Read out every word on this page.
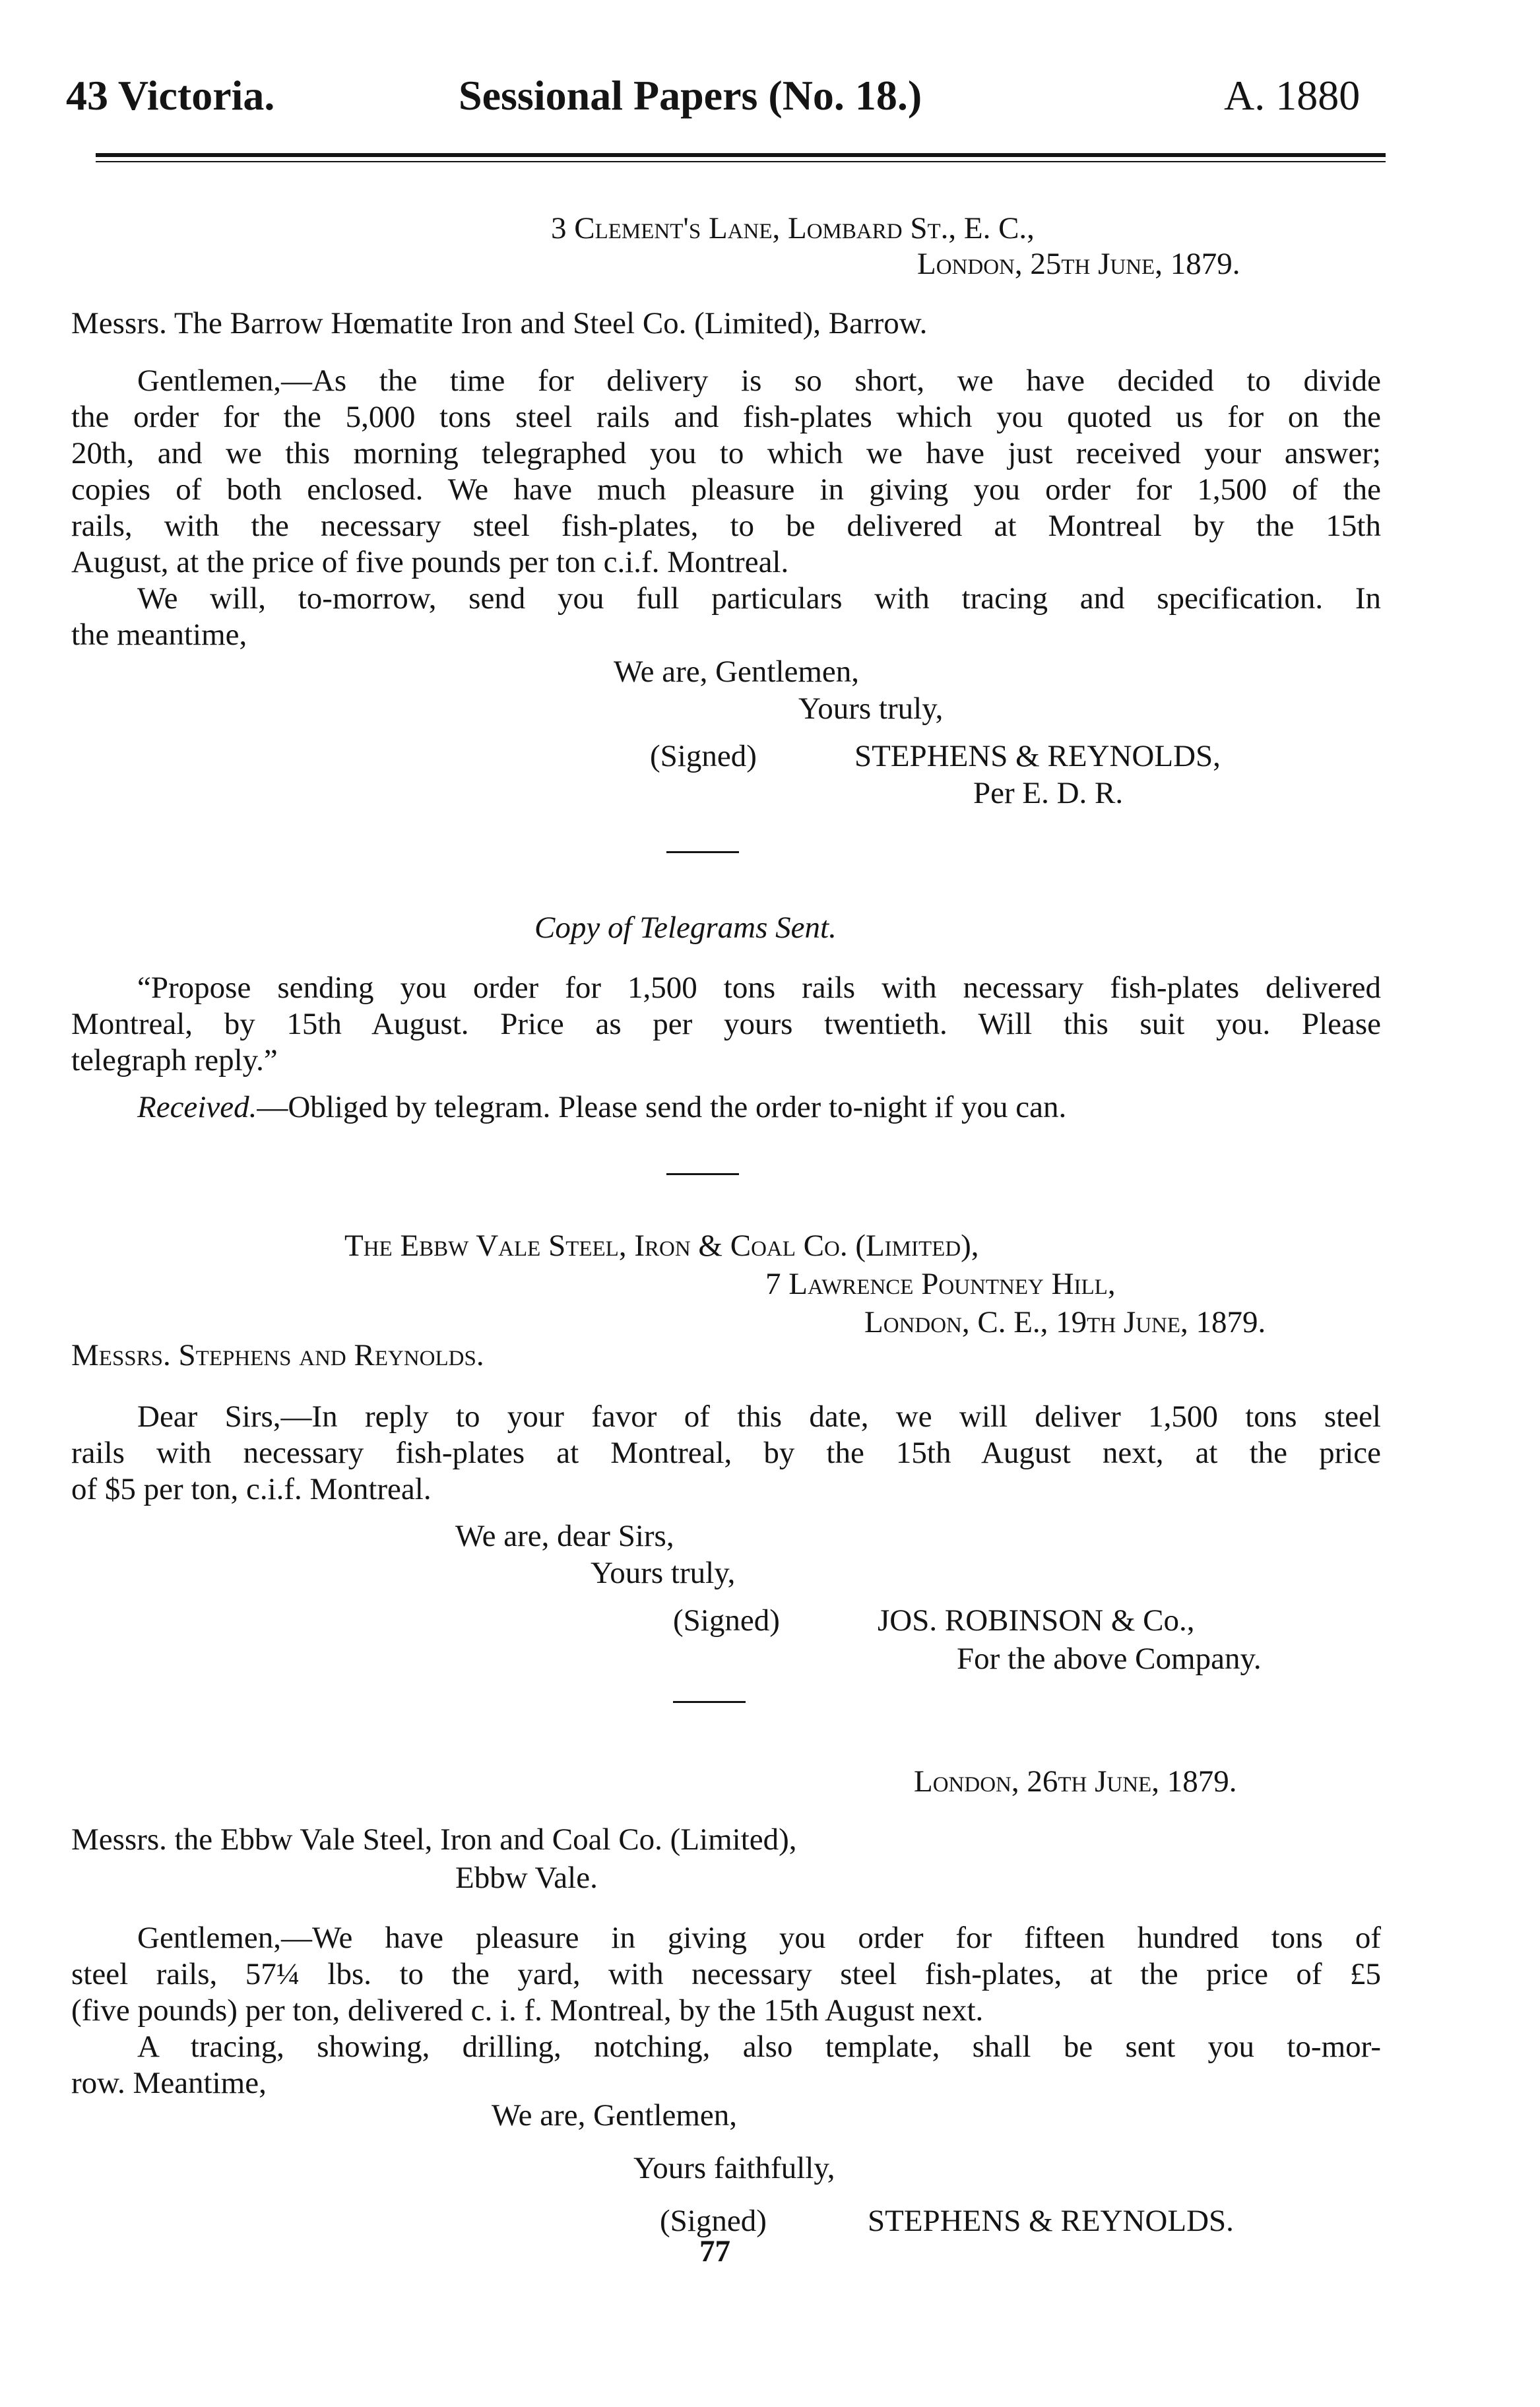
43 Victoria.	Sessional Papers (No. 18.)	A. 1880
3 Clement's Lane, Lombard St., E. C.,
London, 25th June, 1879.
Messrs. The Barrow Hœmatite Iron and Steel Co. (Limited), Barrow.
Gentlemen,—As the time for delivery is so short, we have decided to divide
the order for the 5,000 tons steel rails and fish-plates which you quoted us for on the
20th, and we this morning telegraphed you to which we have just received your answer;
copies of both enclosed. We have much pleasure in giving you order for 1,500 of the
rails, with the necessary steel fish-plates, to be delivered at Montreal by the 15th
August, at the price of five pounds per ton c.i.f. Montreal.
We will, to-morrow, send you full particulars with tracing and specification. In
the meantime,
We are, Gentlemen,
Yours truly,
(Signed)	STEPHENS & REYNOLDS,
Per E. D. R.
Copy of Telegrams Sent.
“Propose sending you order for 1,500 tons rails with necessary fish-plates delivered
Montreal, by 15th August. Price as per yours twentieth. Will this suit you. Please
telegraph reply.”
Received.—Obliged by telegram. Please send the order to-night if you can.
The Ebbw Vale Steel, Iron & Coal Co. (Limited),
7 Lawrence Pountney Hill,
London, C. E., 19th June, 1879.
Messrs. Stephens and Reynolds.
Dear Sirs,—In reply to your favor of this date, we will deliver 1,500 tons steel
rails with necessary fish-plates at Montreal, by the 15th August next, at the price
of $5 per ton, c.i.f. Montreal.
We are, dear Sirs,
Yours truly,
(Signed)	JOS. ROBINSON & Co.,
For the above Company.
London, 26th June, 1879.
Messrs. the Ebbw Vale Steel, Iron and Coal Co. (Limited),
Ebbw Vale.
Gentlemen,—We have pleasure in giving you order for fifteen hundred tons of
steel rails, 57¼ lbs. to the yard, with necessary steel fish-plates, at the price of £5
(five pounds) per ton, delivered c. i. f. Montreal, by the 15th August next.
A tracing, showing, drilling, notching, also template, shall be sent you to-mor-
row. Meantime,
We are, Gentlemen,
Yours faithfully,
(Signed)	STEPHENS & REYNOLDS.
77
